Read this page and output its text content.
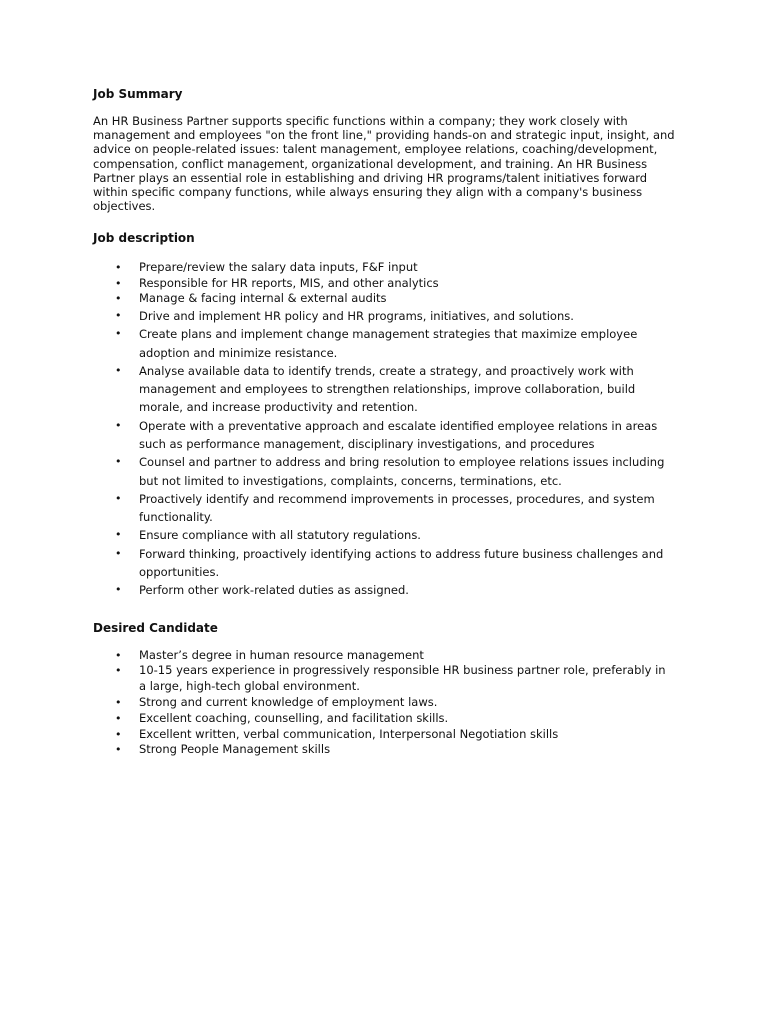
Job Summary

An HR Business Partner supports specific functions within a company; they work closely with
management and employees "on the front line," providing hands-on and strategic input, insight, and
advice on people-related issues: talent management, employee relations, coaching/development,
compensation, conflict management, organizational development, and training. An HR Business
Partner plays an essential role in establishing and driving HR programs/talent initiatives forward
within specific company functions, while always ensuring they align with a company's business
objectives.

Job description
• Prepare/review the salary data inputs, F&F input
• Responsible for HR reports, MIS, and other analytics
• Manage & facing internal & external audits
• Drive and implement HR policy and HR programs, initiatives, and solutions.
• Create plans and implement change management strategies that maximize employee
adoption and minimize resistance.
• Analyse available data to identify trends, create a strategy, and proactively work with
management and employees to strengthen relationships, improve collaboration, build
morale, and increase productivity and retention.
• Operate with a preventative approach and escalate identified employee relations in areas
such as performance management, disciplinary investigations, and procedures
• Counsel and partner to address and bring resolution to employee relations issues including
but not limited to investigations, complaints, concerns, terminations, etc.
• Proactively identify and recommend improvements in processes, procedures, and system
functionality.
• Ensure compliance with all statutory regulations.
• Forward thinking, proactively identifying actions to address future business challenges and
opportunities.
• Perform other work-related duties as assigned.
Desired Candidate
• Master’s degree in human resource management
• 10-15 years experience in progressively responsible HR business partner role, preferably in
a large, high-tech global environment.
• Strong and current knowledge of employment laws.
• Excellent coaching, counselling, and facilitation skills.
• Excellent written, verbal communication, Interpersonal Negotiation skills
• Strong People Management skills
